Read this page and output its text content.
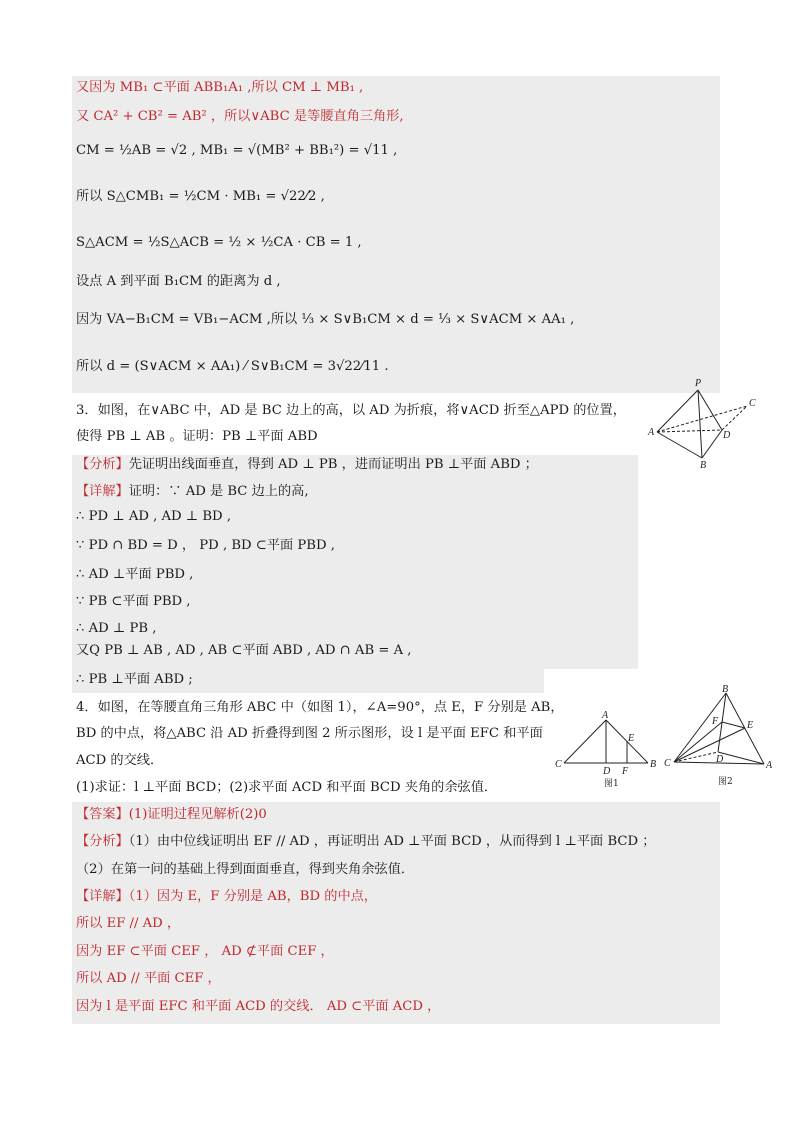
又因为 MB₁ ⊂平面 ABB₁A₁ ,所以 CM ⊥ MB₁ ,
又 CA² + CB² = AB² ，所以∨ABC 是等腰直角三角形,
CM = ½AB = √2 , MB₁ = √(MB² + BB₁²) = √11 ,
所以 S△CMB₁ = ½CM · MB₁ = √22⁄2 ,
S△ACM = ½S△ACB = ½ × ½CA · CB = 1 ,
设点 A 到平面 B₁CM 的距离为 d ,
因为 VA−B₁CM = VB₁−ACM ,所以 ⅓ × S∨B₁CM × d = ⅓ × S∨ACM × AA₁ ,
所以 d = (S∨ACM × AA₁) ⁄ S∨B₁CM = 3√22⁄11 .
3．如图，在∨ABC 中，AD 是 BC 边上的高，以 AD 为折痕，将∨ACD 折至△APD 的位置，
使得 PB ⊥ AB 。证明：PB ⊥平面 ABD
【分析】先证明出线面垂直，得到 AD ⊥ PB ，进而证明出 PB ⊥平面 ABD ；
【详解】证明：∵ AD 是 BC 边上的高,
∴ PD ⊥ AD , AD ⊥ BD ,
∵ PD ∩ BD = D ， PD , BD ⊂平面 PBD ,
∴ AD ⊥平面 PBD ,
∵ PB ⊂平面 PBD ,
∴ AD ⊥ PB ,
又Q PB ⊥ AB , AD , AB ⊂平面 ABD , AD ∩ AB = A ,
∴ PB ⊥平面 ABD ;
4．如图，在等腰直角三角形 ABC 中（如图 1），∠A=90°，点 E，F 分别是 AB，
BD 的中点，将△ABC 沿 AD 折叠得到图 2 所示图形，设 l 是平面 EFC 和平面
ACD 的交线．
(1)求证：l ⊥平面 BCD；(2)求平面 ACD 和平面 BCD 夹角的余弦值．
【答案】(1)证明过程见解析(2)0
【分析】（1）由中位线证明出 EF // AD ，再证明出 AD ⊥平面 BCD ，从而得到 l ⊥平面 BCD ；
（2）在第一问的基础上得到面面垂直，得到夹角余弦值．
【详解】（1）因为 E，F 分别是 AB，BD 的中点，
所以 EF // AD ，
因为 EF ⊂平面 CEF ， AD ⊄平面 CEF ，
所以 AD // 平面 CEF ，
因为 l 是平面 EFC 和平面 ACD 的交线． AD ⊂平面 ACD ，
P
C
A	D
B
A
E
C
D F
B
图1
B
E
F
C	D
A
图2
